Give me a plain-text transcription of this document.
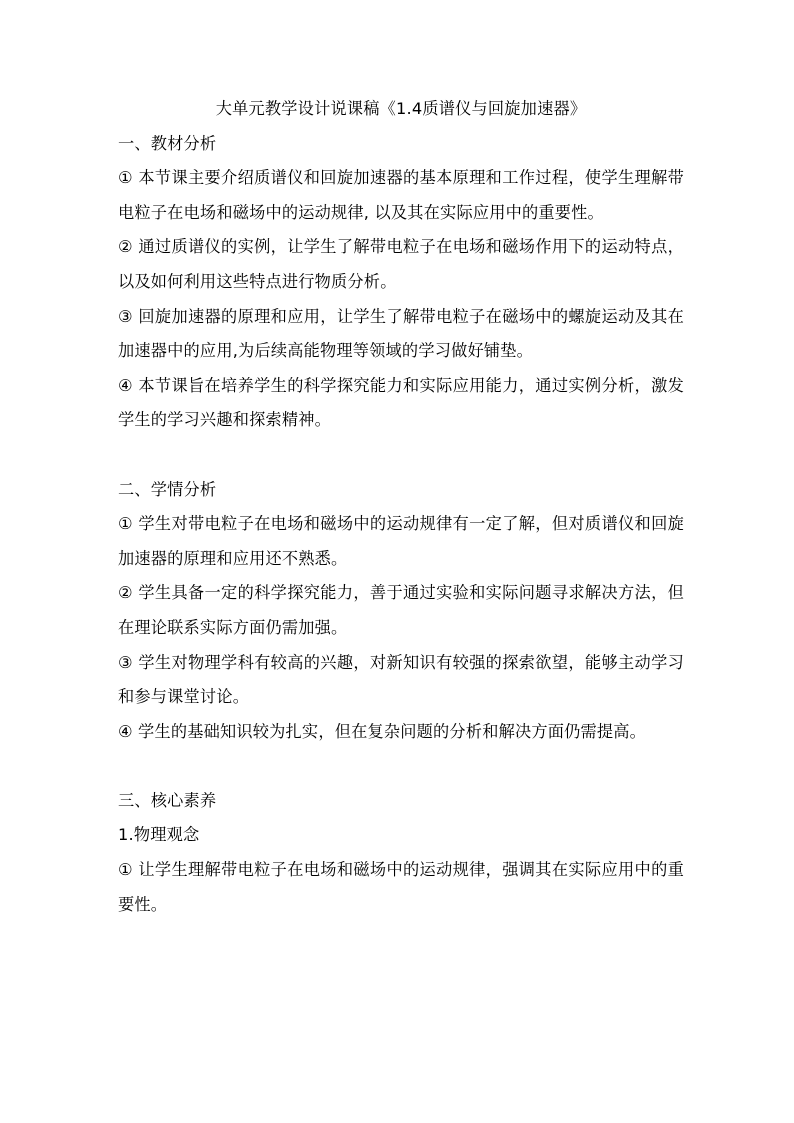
大单元教学设计说课稿《1.4质谱仪与回旋加速器》

一、教材分析

① 本节课主要介绍质谱仪和回旋加速器的基本原理和工作过程，使学生理解带电粒子在电场和磁场中的运动规律, 以及其在实际应用中的重要性。

② 通过质谱仪的实例，让学生了解带电粒子在电场和磁场作用下的运动特点，以及如何利用这些特点进行物质分析。

③ 回旋加速器的原理和应用，让学生了解带电粒子在磁场中的螺旋运动及其在加速器中的应用,为后续高能物理等领域的学习做好铺垫。

④ 本节课旨在培养学生的科学探究能力和实际应用能力，通过实例分析，激发学生的学习兴趣和探索精神。

二、学情分析

① 学生对带电粒子在电场和磁场中的运动规律有一定了解，但对质谱仪和回旋加速器的原理和应用还不熟悉。

② 学生具备一定的科学探究能力，善于通过实验和实际问题寻求解决方法，但在理论联系实际方面仍需加强。

③ 学生对物理学科有较高的兴趣，对新知识有较强的探索欲望，能够主动学习和参与课堂讨论。

④ 学生的基础知识较为扎实，但在复杂问题的分析和解决方面仍需提高。

三、核心素养

1.物理观念

① 让学生理解带电粒子在电场和磁场中的运动规律，强调其在实际应用中的重要性。
